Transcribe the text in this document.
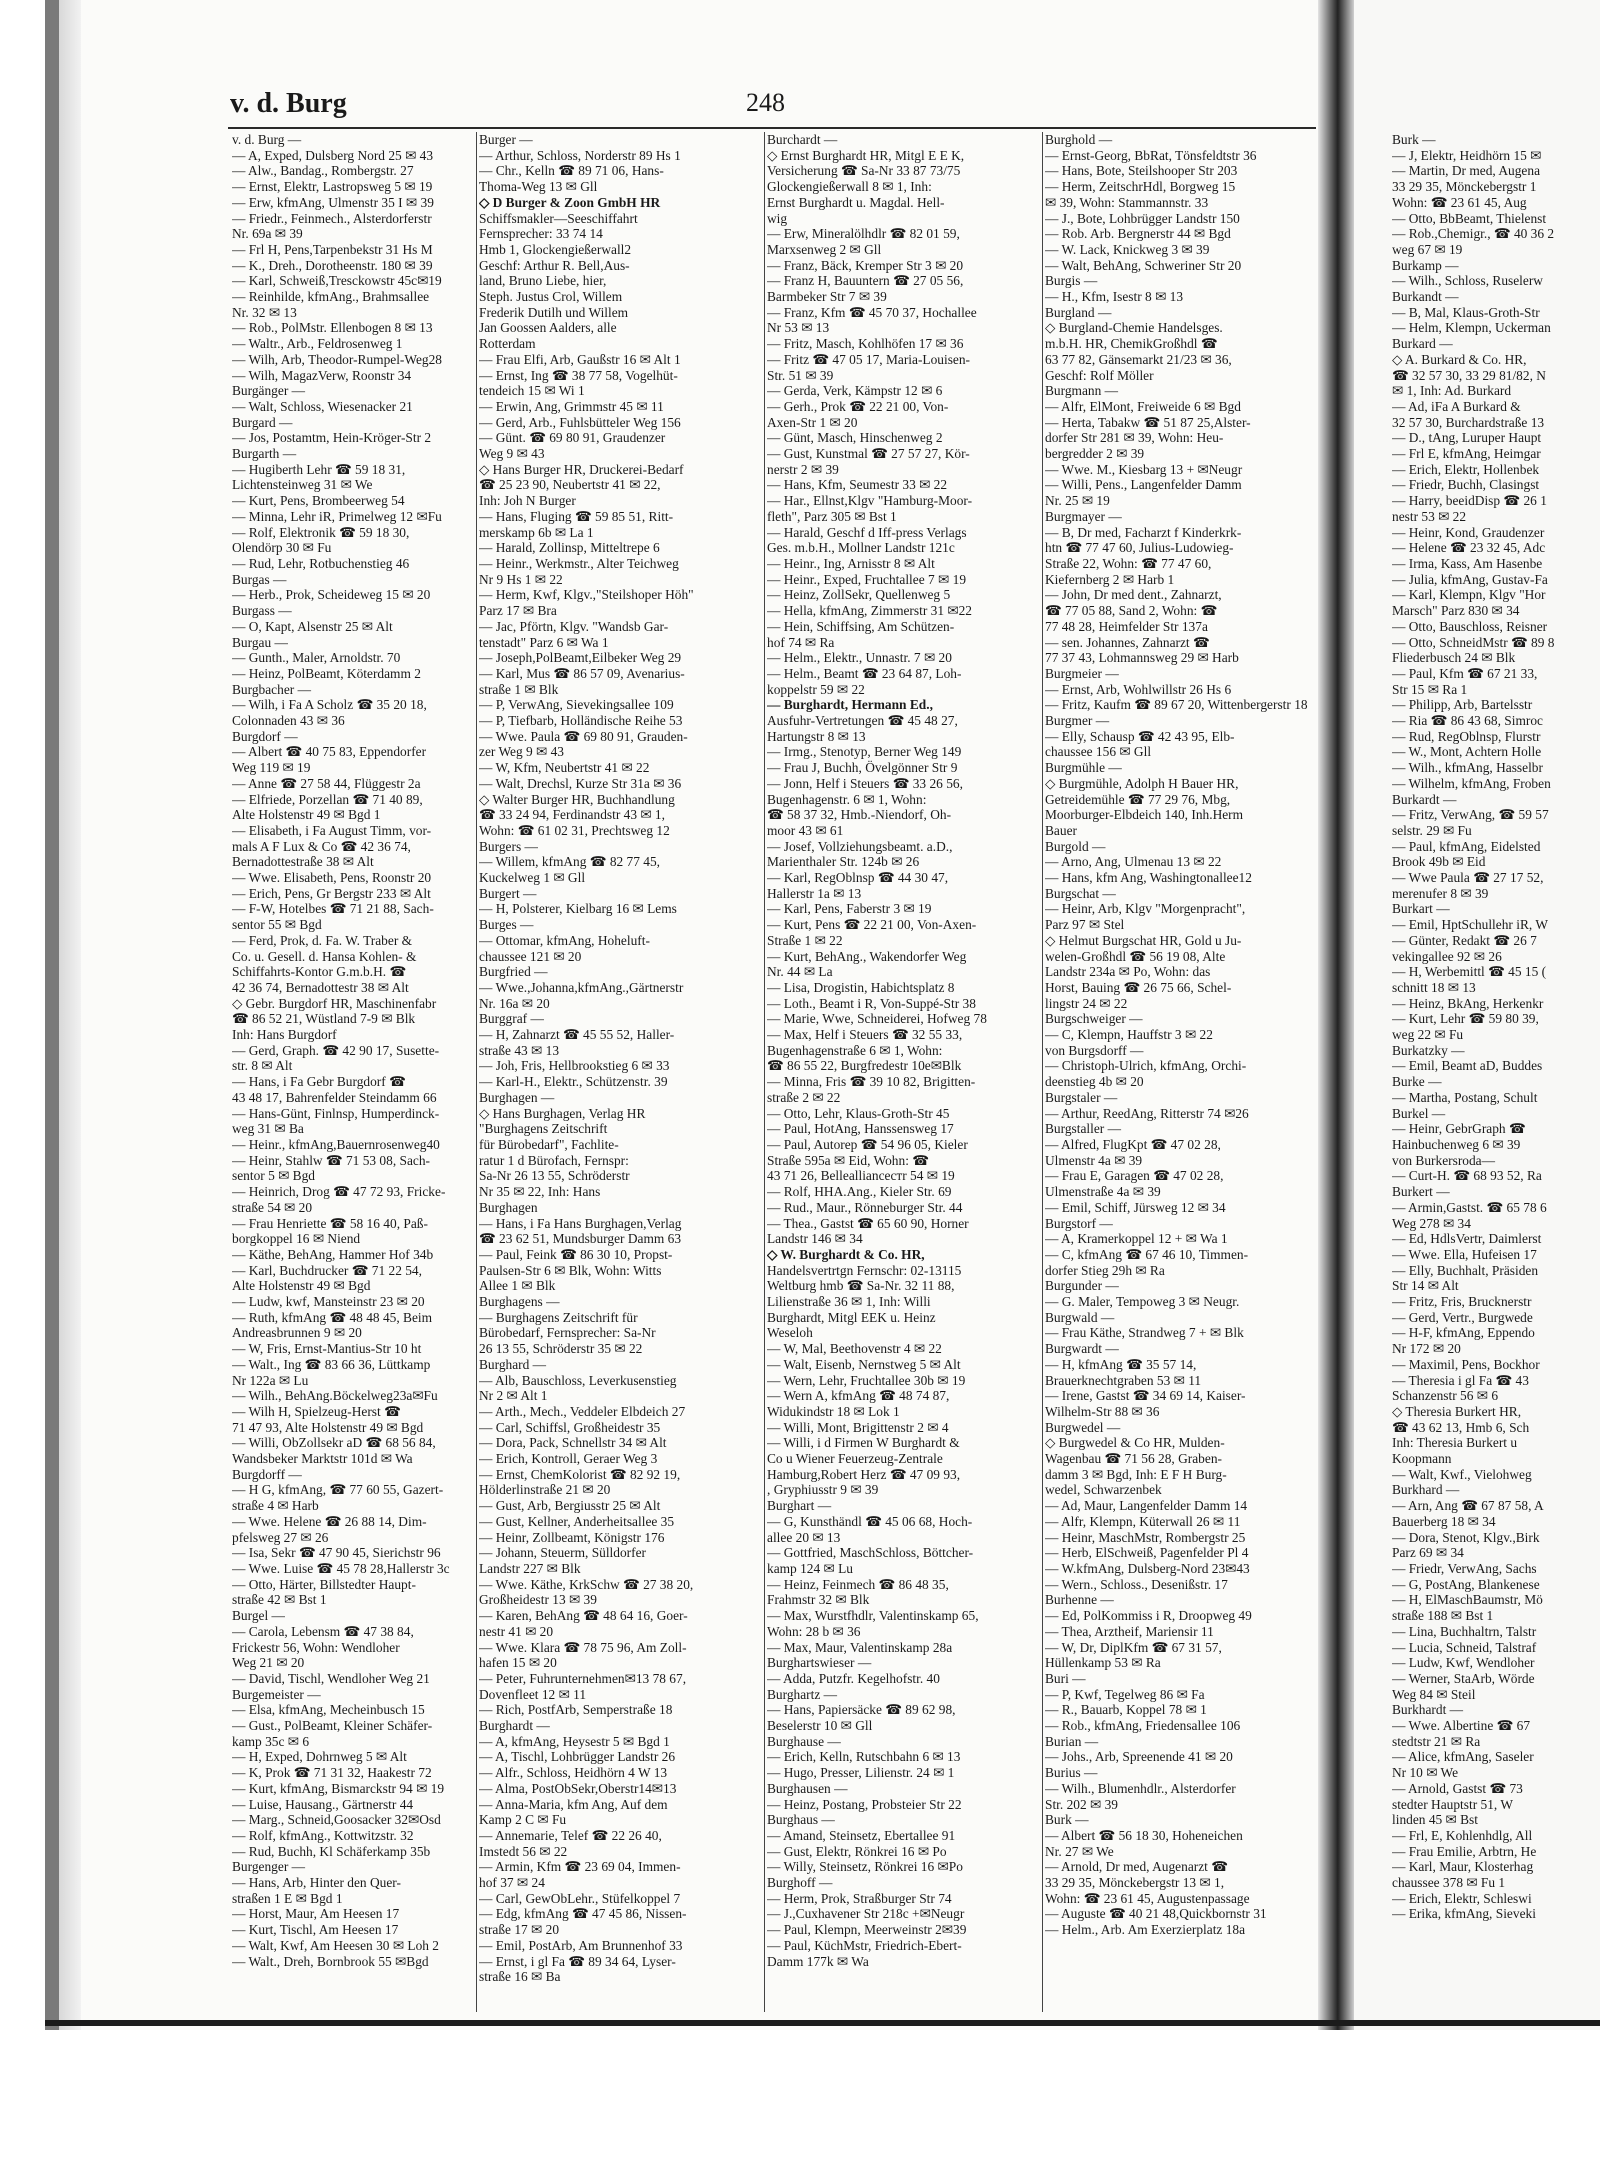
v. d. Burg	248
v. d. Burg —
— A, Exped, Dulsberg Nord 25 ✉ 43
— Alw., Bandag., Rombergstr. 27
— Ernst, Elektr, Lastropsweg 5 ✉ 19
— Erw, kfmAng, Ulmenstr 35 I ✉ 39
— Friedr., Feinmech., Alsterdorferstr
Nr. 69a ✉ 39
— Frl H, Pens,Tarpenbekstr 31 Hs M
— K., Dreh., Dorotheenstr. 180 ✉ 39
— Karl, Schweiß,Tresckowstr 45c✉19
— Reinhilde, kfmAng., Brahmsallee
Nr. 32 ✉ 13
— Rob., PolMstr. Ellenbogen 8 ✉ 13
— Waltr., Arb., Feldrosenweg 1
— Wilh, Arb, Theodor-Rumpel-Weg28
— Wilh, MagazVerw, Roonstr 34
Burgänger —
— Walt, Schloss, Wiesenacker 21
Burgard —
— Jos, Postamtm, Hein-Kröger-Str 2
Burgarth —
— Hugiberth Lehr ☎ 59 18 31,
Lichtensteinweg 31 ✉ We
— Kurt, Pens, Brombeerweg 54
— Minna, Lehr iR, Primelweg 12 ✉Fu
— Rolf, Elektronik ☎ 59 18 30,
Olendörp 30 ✉ Fu
— Rud, Lehr, Rotbuchenstieg 46
Burgas —
— Herb., Prok, Scheideweg 15 ✉ 20
Burgass —
— O, Kapt, Alsenstr 25 ✉ Alt
Burgau —
— Gunth., Maler, Arnoldstr. 70
— Heinz, PolBeamt, Köterdamm 2
Burgbacher —
— Wilh, i Fa A Scholz ☎ 35 20 18,
Colonnaden 43 ✉ 36
Burgdorf —
— Albert ☎ 40 75 83, Eppendorfer
Weg 119 ✉ 19
— Anne ☎ 27 58 44, Flüggestr 2a
— Elfriede, Porzellan ☎ 71 40 89,
Alte Holstenstr 49 ✉ Bgd 1
— Elisabeth, i Fa August Timm, vor-
mals A F Lux & Co ☎ 42 36 74,
Bernadottestraße 38 ✉ Alt
— Wwe. Elisabeth, Pens, Roonstr 20
— Erich, Pens, Gr Bergstr 233 ✉ Alt
— F-W, Hotelbes ☎ 71 21 88, Sach-
sentor 55 ✉ Bgd
— Ferd, Prok, d. Fa. W. Traber &
Co. u. Gesell. d. Hansa Kohlen- &
Schiffahrts-Kontor G.m.b.H. ☎
42 36 74, Bernadottestr 38 ✉ Alt
◇ Gebr. Burgdorf HR, Maschinenfabr
☎ 86 52 21, Wüstland 7-9 ✉ Blk
Inh: Hans Burgdorf
— Gerd, Graph. ☎ 42 90 17, Susette-
str. 8 ✉ Alt
— Hans, i Fa Gebr Burgdorf ☎
43 48 17, Bahrenfelder Steindamm 66
— Hans-Günt, Finlnsp, Humperdinck-
weg 31 ✉ Ba
— Heinr., kfmAng,Bauernrosenweg40
— Heinr, Stahlw ☎ 71 53 08, Sach-
sentor 5 ✉ Bgd
— Heinrich, Drog ☎ 47 72 93, Fricke-
straße 54 ✉ 20
— Frau Henriette ☎ 58 16 40, Paß-
borgkoppel 16 ✉ Niend
— Käthe, BehAng, Hammer Hof 34b
— Karl, Buchdrucker ☎ 71 22 54,
Alte Holstenstr 49 ✉ Bgd
— Ludw, kwf, Mansteinstr 23 ✉ 20
— Ruth, kfmAng ☎ 48 48 45, Beim
Andreasbrunnen 9 ✉ 20
— W, Fris, Ernst-Mantius-Str 10 ht
— Walt., Ing ☎ 83 66 36, Lüttkamp
Nr 122a ✉ Lu
— Wilh., BehAng.Böckelweg23a✉Fu
— Wilh H, Spielzeug-Herst ☎
71 47 93, Alte Holstenstr 49 ✉ Bgd
— Willi, ObZollsekr aD ☎ 68 56 84,
Wandsbeker Marktstr 101d ✉ Wa
Burgdorff —
— H G, kfmAng, ☎ 77 60 55, Gazert-
straße 4 ✉ Harb
— Wwe. Helene ☎ 26 88 14, Dim-
pfelsweg 27 ✉ 26
— Isa, Sekr ☎ 47 90 45, Sierichstr 96
— Wwe. Luise ☎ 45 78 28,Hallerstr 3c
— Otto, Härter, Billstedter Haupt-
straße 42 ✉ Bst 1
Burgel —
— Carola, Lebensm ☎ 47 38 84,
Frickestr 56, Wohn: Wendloher
Weg 21 ✉ 20
— David, Tischl, Wendloher Weg 21
Burgemeister —
— Elsa, kfmAng, Mecheinbusch 15
— Gust., PolBeamt, Kleiner Schäfer-
kamp 35c ✉ 6
— H, Exped, Dohrnweg 5 ✉ Alt
— K, Prok ☎ 71 31 32, Haakestr 72
— Kurt, kfmAng, Bismarckstr 94 ✉ 19
— Luise, Hausang., Gärtnerstr 44
— Marg., Schneid,Goosacker 32✉Osd
— Rolf, kfmAng., Kottwitzstr. 32
— Rud, Buchh, Kl Schäferkamp 35b
Burgenger —
— Hans, Arb, Hinter den Quer-
straßen 1 E ✉ Bgd 1
— Horst, Maur, Am Heesen 17
— Kurt, Tischl, Am Heesen 17
— Walt, Kwf, Am Heesen 30 ✉ Loh 2
— Walt., Dreh, Bornbrook 55 ✉Bgd
Burger —
— Arthur, Schloss, Norderstr 89 Hs 1
— Chr., Kelln ☎ 89 71 06, Hans-
Thoma-Weg 13 ✉ Gll
◇ D Burger & Zoon GmbH HR
Schiffsmakler—Seeschiffahrt
Fernsprecher: 33 74 14
Hmb 1, Glockengießerwall2
Geschf: Arthur R. Bell,Aus-
land, Bruno Liebe, hier,
Steph. Justus Crol, Willem
Frederik Dutilh und Willem
Jan Goossen Aalders, alle
Rotterdam
— Frau Elfi, Arb, Gaußstr 16 ✉ Alt 1
— Ernst, Ing ☎ 38 77 58, Vogelhüt-
tendeich 15 ✉ Wi 1
— Erwin, Ang, Grimmstr 45 ✉ 11
— Gerd, Arb., Fuhlsbütteler Weg 156
— Günt. ☎ 69 80 91, Graudenzer
Weg 9 ✉ 43
◇ Hans Burger HR, Druckerei-Bedarf
☎ 25 23 90, Neubertstr 41 ✉ 22,
Inh: Joh N Burger
— Hans, Fluging ☎ 59 85 51, Ritt-
merskamp 6b ✉ La 1
— Harald, Zollinsp, Mitteltrepe 6
— Heinr., Werkmstr., Alter Teichweg
Nr 9 Hs 1 ✉ 22
— Herm, Kwf, Klgv.,"Steilshoper Höh"
Parz 17 ✉ Bra
— Jac, Pförtn, Klgv. "Wandsb Gar-
tenstadt" Parz 6 ✉ Wa 1
— Joseph,PolBeamt,Eilbeker Weg 29
— Karl, Mus ☎ 86 57 09, Avenarius-
straße 1 ✉ Blk
— P, VerwAng, Sievekingsallee 109
— P, Tiefbarb, Holländische Reihe 53
— Wwe. Paula ☎ 69 80 91, Grauden-
zer Weg 9 ✉ 43
— W, Kfm, Neubertstr 41 ✉ 22
— Walt, Drechsl, Kurze Str 31a ✉ 36
◇ Walter Burger HR, Buchhandlung
☎ 33 24 94, Ferdinandstr 43 ✉ 1,
Wohn: ☎ 61 02 31, Prechtsweg 12
Burgers —
— Willem, kfmAng ☎ 82 77 45,
Kuckelweg 1 ✉ Gll
Burgert —
— H, Polsterer, Kielbarg 16 ✉ Lems
Burges —
— Ottomar, kfmAng, Hoheluft-
chaussee 121 ✉ 20
Burgfried —
— Wwe.,Johanna,kfmAng.,Gärtnerstr
Nr. 16a ✉ 20
Burggraf —
— H, Zahnarzt ☎ 45 55 52, Haller-
straße 43 ✉ 13
— Joh, Fris, Hellbrookstieg 6 ✉ 33
— Karl-H., Elektr., Schützenstr. 39
Burghagen —
◇ Hans Burghagen, Verlag HR
"Burghagens Zeitschrift
für Bürobedarf", Fachlite-
ratur 1 d Bürofach, Fernspr:
Sa-Nr 26 13 55, Schröderstr
Nr 35 ✉ 22, Inh: Hans
Burghagen
— Hans, i Fa Hans Burghagen,Verlag
☎ 23 62 51, Mundsburger Damm 63
— Paul, Feink ☎ 86 30 10, Propst-
Paulsen-Str 6 ✉ Blk, Wohn: Witts
Allee 1 ✉ Blk
Burghagens —
— Burghagens Zeitschrift für
Bürobedarf, Fernsprecher: Sa-Nr
26 13 55, Schröderstr 35 ✉ 22
Burghard —
— Alb, Bauschloss, Leverkusenstieg
Nr 2 ✉ Alt 1
— Arth., Mech., Veddeler Elbdeich 27
— Carl, Schiffsl, Großheidestr 35
— Dora, Pack, Schnellstr 34 ✉ Alt
— Erich, Kontroll, Geraer Weg 3
— Ernst, ChemKolorist ☎ 82 92 19,
Hölderlinstraße 21 ✉ 20
— Gust, Arb, Bergiusstr 25 ✉ Alt
— Gust, Kellner, Anderheitsallee 35
— Heinr, Zollbeamt, Königstr 176
— Johann, Steuerm, Sülldorfer
Landstr 227 ✉ Blk
— Wwe. Käthe, KrkSchw ☎ 27 38 20,
Großheidestr 13 ✉ 39
— Karen, BehAng ☎ 48 64 16, Goer-
nestr 41 ✉ 20
— Wwe. Klara ☎ 78 75 96, Am Zoll-
hafen 15 ✉ 20
— Peter, Fuhrunternehmen✉13 78 67,
Dovenfleet 12 ✉ 11
— Rich, PostfArb, Semperstraße 18
Burghardt —
— A, kfmAng, Heysestr 5 ✉ Bgd 1
— A, Tischl, Lohbrügger Landstr 26
— Alfr., Schloss, Heidhörn 4 W 13
— Alma, PostObSekr,Oberstr14✉13
— Anna-Maria, kfm Ang, Auf dem
Kamp 2 C ✉ Fu
— Annemarie, Telef ☎ 22 26 40,
Imstedt 56 ✉ 22
— Armin, Kfm ☎ 23 69 04, Immen-
hof 37 ✉ 24
— Carl, GewObLehr., Stüfelkoppel 7
— Edg, kfmAng ☎ 47 45 86, Nissen-
straße 17 ✉ 20
— Emil, PostArb, Am Brunnenhof 33
— Ernst, i gl Fa ☎ 89 34 64, Lyser-
straße 16 ✉ Ba
Burchardt —
◇ Ernst Burghardt HR, Mitgl E E K,
Versicherung ☎ Sa-Nr 33 87 73/75
Glockengießerwall 8 ✉ 1, Inh:
Ernst Burghardt u. Magdal. Hell-
wig
— Erw, Mineralölhdlr ☎ 82 01 59,
Marxsenweg 2 ✉ Gll
— Franz, Bäck, Kremper Str 3 ✉ 20
— Franz H, Bauuntern ☎ 27 05 56,
Barmbeker Str 7 ✉ 39
— Franz, Kfm ☎ 45 70 37, Hochallee
Nr 53 ✉ 13
— Fritz, Masch, Kohlhöfen 17 ✉ 36
— Fritz ☎ 47 05 17, Maria-Louisen-
Str. 51 ✉ 39
— Gerda, Verk, Kämpstr 12 ✉ 6
— Gerh., Prok ☎ 22 21 00, Von-
Axen-Str 1 ✉ 20
— Günt, Masch, Hinschenweg 2
— Gust, Kunstmal ☎ 27 57 27, Kör-
nerstr 2 ✉ 39
— Hans, Kfm, Seumestr 33 ✉ 22
— Har., Ellnst,Klgv "Hamburg-Moor-
fleth", Parz 305 ✉ Bst 1
— Harald, Geschf d Iff-press Verlags
Ges. m.b.H., Mollner Landstr 121c
— Heinr., Ing, Arnisstr 8 ✉ Alt
— Heinr., Exped, Fruchtallee 7 ✉ 19
— Heinz, ZollSekr, Quellenweg 5
— Hella, kfmAng, Zimmerstr 31 ✉22
— Hein, Schiffsing, Am Schützen-
hof 74 ✉ Ra
— Helm., Elektr., Unnastr. 7 ✉ 20
— Helm., Beamt ☎ 23 64 87, Loh-
koppelstr 59 ✉ 22
— Burghardt, Hermann Ed.,
Ausfuhr-Vertretungen ☎ 45 48 27,
Hartungstr 8 ✉ 13
— Irmg., Stenotyp, Berner Weg 149
— Frau J, Buchh, Övelgönner Str 9
— Jonn, Helf i Steuers ☎ 33 26 56,
Bugenhagenstr. 6 ✉ 1, Wohn:
☎ 58 37 32, Hmb.-Niendorf, Oh-
moor 43 ✉ 61
— Josef, Vollziehungsbeamt. a.D.,
Marienthaler Str. 124b ✉ 26
— Karl, RegOblnsp ☎ 44 30 47,
Hallerstr 1a ✉ 13
— Karl, Pens, Faberstr 3 ✉ 19
— Kurt, Pens ☎ 22 21 00, Von-Axen-
Straße 1 ✉ 22
— Kurt, BehAng., Wakendorfer Weg
Nr. 44 ✉ La
— Lisa, Drogistin, Habichtsplatz 8
— Loth., Beamt i R, Von-Suppé-Str 38
— Marie, Wwe, Schneiderei, Hofweg 78
— Max, Helf i Steuers ☎ 32 55 33,
Bugenhagenstraße 6 ✉ 1, Wohn:
☎ 86 55 22, Burgfredestr 10e✉Blk
— Minna, Fris ☎ 39 10 82, Brigitten-
straße 2 ✉ 22
— Otto, Lehr, Klaus-Groth-Str 45
— Paul, HotAng, Hanssensweg 17
— Paul, Autorep ☎ 54 96 05, Kieler
Straße 595a ✉ Eid, Wohn: ☎
43 71 26, Belleallianceстr 54 ✉ 19
— Rolf, HHA.Ang., Kieler Str. 69
— Rud., Maur., Rönneburger Str. 44
— Thea., Gastst ☎ 65 60 90, Horner
Landstr 146 ✉ 34
◇ W. Burghardt & Co. HR,
Handelsvertrtgn Fernschr: 02-13115
Weltburg hmb ☎ Sa-Nr. 32 11 88,
Lilienstraße 36 ✉ 1, Inh: Willi
Burghardt, Mitgl EEK u. Heinz
Weseloh
— W, Mal, Beethovenstr 4 ✉ 22
— Walt, Eisenb, Nernstweg 5 ✉ Alt
— Wern, Lehr, Fruchtallee 30b ✉ 19
— Wern A, kfmAng ☎ 48 74 87,
Widukindstr 18 ✉ Lok 1
— Willi, Mont, Brigittenstr 2 ✉ 4
— Willi, i d Firmen W Burghardt &
Co u Wiener Feuerzeug-Zentrale
Hamburg,Robert Herz ☎ 47 09 93,
, Gryphiusstr 9 ✉ 39
Burghart —
— G, Kunsthändl ☎ 45 06 68, Hoch-
allee 20 ✉ 13
— Gottfried, MaschSchloss, Böttcher-
kamp 124 ✉ Lu
— Heinz, Feinmech ☎ 86 48 35,
Frahmstr 32 ✉ Blk
— Max, Wurstfhdlr, Valentinskamp 65,
Wohn: 28 b ✉ 36
— Max, Maur, Valentinskamp 28a
Burghartswieser —
— Adda, Putzfr. Kegelhofstr. 40
Burghartz —
— Hans, Papiersäcke ☎ 89 62 98,
Beselerstr 10 ✉ Gll
Burghause —
— Erich, Kelln, Rutschbahn 6 ✉ 13
— Hugo, Presser, Lilienstr. 24 ✉ 1
Burghausen —
— Heinz, Postang, Probsteier Str 22
Burghaus —
— Amand, Steinsetz, Ebertallee 91
— Gust, Elektr, Rönkrei 16 ✉ Po
— Willy, Steinsetz, Rönkrei 16 ✉Po
Burghoff —
— Herm, Prok, Straßburger Str 74
— J.,Cuxhavener Str 218c +✉Neugr
— Paul, Klempn, Meerweinstr 2✉39
— Paul, KüchMstr, Friedrich-Ebert-
Damm 177k ✉ Wa
Burghold —
— Ernst-Georg, BbRat, Tönsfeldtstr 36
— Hans, Bote, Steilshooper Str 203
— Herm, ZeitschrHdl, Borgweg 15
✉ 39, Wohn: Stammannstr. 33
— J., Bote, Lohbrügger Landstr 150
— Rob. Arb. Bergnerstr 44 ✉ Bgd
— W. Lack, Knickweg 3 ✉ 39
— Walt, BehAng, Schweriner Str 20
Burgis —
— H., Kfm, Isestr 8 ✉ 13
Burgland —
◇ Burgland-Chemie Handelsges.
m.b.H. HR, ChemikGroßhdl ☎
63 77 82, Gänsemarkt 21/23 ✉ 36,
Geschf: Rolf Möller
Burgmann —
— Alfr, ElMont, Freiweide 6 ✉ Bgd
— Herta, Tabakw ☎ 51 87 25,Alster-
dorfer Str 281 ✉ 39, Wohn: Heu-
bergredder 2 ✉ 39
— Wwe. M., Kiesbarg 13 + ✉Neugr
— Willi, Pens., Langenfelder Damm
Nr. 25 ✉ 19
Burgmayer —
— B, Dr med, Facharzt f Kinderkrk-
htn ☎ 77 47 60, Julius-Ludowieg-
Straße 22, Wohn: ☎ 77 47 60,
Kiefernberg 2 ✉ Harb 1
— John, Dr med dent., Zahnarzt,
☎ 77 05 88, Sand 2, Wohn: ☎
77 48 28, Heimfelder Str 137a
— sen. Johannes, Zahnarzt ☎
77 37 43, Lohmannsweg 29 ✉ Harb
Burgmeier —
— Ernst, Arb, Wohlwillstr 26 Hs 6
— Fritz, Kaufm ☎ 89 67 20, Wittenbergerstr 18
Burgmer —
— Elly, Schausp ☎ 42 43 95, Elb-
chaussee 156 ✉ Gll
Burgmühle —
◇ Burgmühle, Adolph H Bauer HR,
Getreidemühle ☎ 77 29 76, Mbg,
Moorburger-Elbdeich 140, Inh.Herm
Bauer
Burgold —
— Arno, Ang, Ulmenau 13 ✉ 22
— Hans, kfm Ang, Washingtonallee12
Burgschat —
— Heinr, Arb, Klgv "Morgenpracht",
Parz 97 ✉ Stel
◇ Helmut Burgschat HR, Gold u Ju-
welen-Großhdl ☎ 56 19 08, Alte
Landstr 234a ✉ Po, Wohn: das
Horst, Bauing ☎ 26 75 66, Schel-
lingstr 24 ✉ 22
Burgschweiger —
— C, Klempn, Hauffstr 3 ✉ 22
von Burgsdorff —
— Christoph-Ulrich, kfmAng, Orchi-
deenstieg 4b ✉ 20
Burgstaler —
— Arthur, ReedAng, Ritterstr 74 ✉26
Burgstaller —
— Alfred, FlugKpt ☎ 47 02 28,
Ulmenstr 4a ✉ 39
— Frau E, Garagen ☎ 47 02 28,
Ulmenstraße 4a ✉ 39
— Emil, Schiff, Jürsweg 12 ✉ 34
Burgstorf —
— A, Kramerkoppel 12 + ✉ Wa 1
— C, kfmAng ☎ 67 46 10, Timmen-
dorfer Stieg 29h ✉ Ra
Burgunder —
— G. Maler, Tempoweg 3 ✉ Neugr.
Burgwald —
— Frau Käthe, Strandweg 7 + ✉ Blk
Burgwardt —
— H, kfmAng ☎ 35 57 14,
Brauerknechtgraben 53 ✉ 11
— Irene, Gastst ☎ 34 69 14, Kaiser-
Wilhelm-Str 88 ✉ 36
Burgwedel —
◇ Burgwedel & Co HR, Mulden-
Wagenbau ☎ 71 56 28, Graben-
damm 3 ✉ Bgd, Inh: E F H Burg-
wedel, Schwarzenbek
— Ad, Maur, Langenfelder Damm 14
— Alfr, Klempn, Küterwall 26 ✉ 11
— Heinr, MaschMstr, Rombergstr 25
— Herb, ElSchweiß, Pagenfelder Pl 4
— W.kfmAng, Dulsberg-Nord 23✉43
— Wern., Schloss., Desenißstr. 17
Burhenne —
— Ed, PolKommiss i R, Droopweg 49
— Thea, Arztheif, Mariensir 11
— W, Dr, DiplKfm ☎ 67 31 57,
Hüllenkamp 53 ✉ Ra
Buri —
— P, Kwf, Tegelweg 86 ✉ Fa
— R., Bauarb, Koppel 78 ✉ 1
— Rob., kfmAng, Friedensallee 106
Burian —
— Johs., Arb, Spreenende 41 ✉ 20
Burius —
— Wilh., Blumenhdlr., Alsterdorfer
Str. 202 ✉ 39
Burk —
— Albert ☎ 56 18 30, Hoheneichen
Nr. 27 ✉ We
— Arnold, Dr med, Augenarzt ☎
33 29 35, Mönckebergstr 13 ✉ 1,
Wohn: ☎ 23 61 45, Augustenpassage
— Auguste ☎ 40 21 48,Quickbornstr 31
— Helm., Arb. Am Exerzierplatz 18a
Burk —
— J, Elektr, Heidhörn 15 ✉
— Martin, Dr med, Augena
33 29 35, Mönckebergstr 1
Wohn: ☎ 23 61 45, Aug
— Otto, BbBeamt, Thielenst
— Rob.,Chemigr., ☎ 40 36 2
weg 67 ✉ 19
Burkamp —
— Wilh., Schloss, Ruselerw
Burkandt —
— B, Mal, Klaus-Groth-Str
— Helm, Klempn, Uckerman
Burkard —
◇ A. Burkard & Co. HR,
☎ 32 57 30, 33 29 81/82, N
✉ 1, Inh: Ad. Burkard
— Ad, iFa A Burkard &
32 57 30, Burchardstraße 13
— D., tAng, Luruper Haupt
— Frl E, kfmAng, Heimgar
— Erich, Elektr, Hollenbek
— Friedr, Buchh, Clasingst
— Harry, beeidDisp ☎ 26 1
nestr 53 ✉ 22
— Heinr, Kond, Graudenzer
— Helene ☎ 23 32 45, Adc
— Irma, Kass, Am Hasenbe
— Julia, kfmAng, Gustav-Fa
— Karl, Klempn, Klgv "Hor
Marsch" Parz 830 ✉ 34
— Otto, Bauschloss, Reisner
— Otto, SchneidMstr ☎ 89 8
Fliederbusch 24 ✉ Blk
— Paul, Kfm ☎ 67 21 33,
Str 15 ✉ Ra 1
— Philipp, Arb, Bartelsstr
— Ria ☎ 86 43 68, Simroc
— Rud, RegOblnsp, Flurstr
— W., Mont, Achtern Holle
— Wilh., kfmAng, Hasselbr
— Wilhelm, kfmAng, Froben
Burkardt —
— Fritz, VerwAng, ☎ 59 57
selstr. 29 ✉ Fu
— Paul, kfmAng, Eidelsted
Brook 49b ✉ Eid
— Wwe Paula ☎ 27 17 52,
merenufer 8 ✉ 39
Burkart —
— Emil, HptSchullehr iR, W
— Günter, Redakt ☎ 26 7
vekingallee 92 ✉ 26
— H, Werbemittl ☎ 45 15 (
schnitt 18 ✉ 13
— Heinz, BkAng, Herkenkr
— Kurt, Lehr ☎ 59 80 39,
weg 22 ✉ Fu
Burkatzky —
— Emil, Beamt aD, Buddes
Burke —
— Martha, Postang, Schult
Burkel —
— Heinr, GebrGraph ☎
Hainbuchenweg 6 ✉ 39
von Burkersroda—
— Curt-H. ☎ 68 93 52, Ra
Burkert —
— Armin,Gastst. ☎ 65 78 6
Weg 278 ✉ 34
— Ed, HdlsVertr, Daimlerst
— Wwe. Ella, Hufeisen 17
— Elly, Buchhalt, Präsiden
Str 14 ✉ Alt
— Fritz, Fris, Brucknerstr
— Gerd, Vertr., Burgwede
— H-F, kfmAng, Eppendo
Nr 172 ✉ 20
— Maximil, Pens, Bockhor
— Theresia i gl Fa ☎ 43
Schanzenstr 56 ✉ 6
◇ Theresia Burkert HR,
☎ 43 62 13, Hmb 6, Sch
Inh: Theresia Burkert u
Koopmann
— Walt, Kwf., Vielohweg
Burkhard —
— Arn, Ang ☎ 67 87 58, A
Bauerberg 18 ✉ 34
— Dora, Stenot, Klgv.,Birk
Parz 69 ✉ 34
— Friedr, VerwAng, Sachs
— G, PostAng, Blankenese
— H, ElMaschBaumstr, Mö
straße 188 ✉ Bst 1
— Lina, Buchhaltrn, Talstr
— Lucia, Schneid, Talstraf
— Ludw, Kwf, Wendloher
— Werner, StaArb, Wörde
Weg 84 ✉ Steil
Burkhardt —
— Wwe. Albertine ☎ 67
stedtstr 21 ✉ Ra
— Alice, kfmAng, Saseler
Nr 10 ✉ We
— Arnold, Gastst ☎ 73
stedter Hauptstr 51, W
linden 45 ✉ Bst
— Frl, E, Kohlenhdlg, All
— Frau Emilie, Arbtrn, He
— Karl, Maur, Klosterhag
chaussee 378 ✉ Fu 1
— Erich, Elektr, Schleswi
— Erika, kfmAng, Sieveki
